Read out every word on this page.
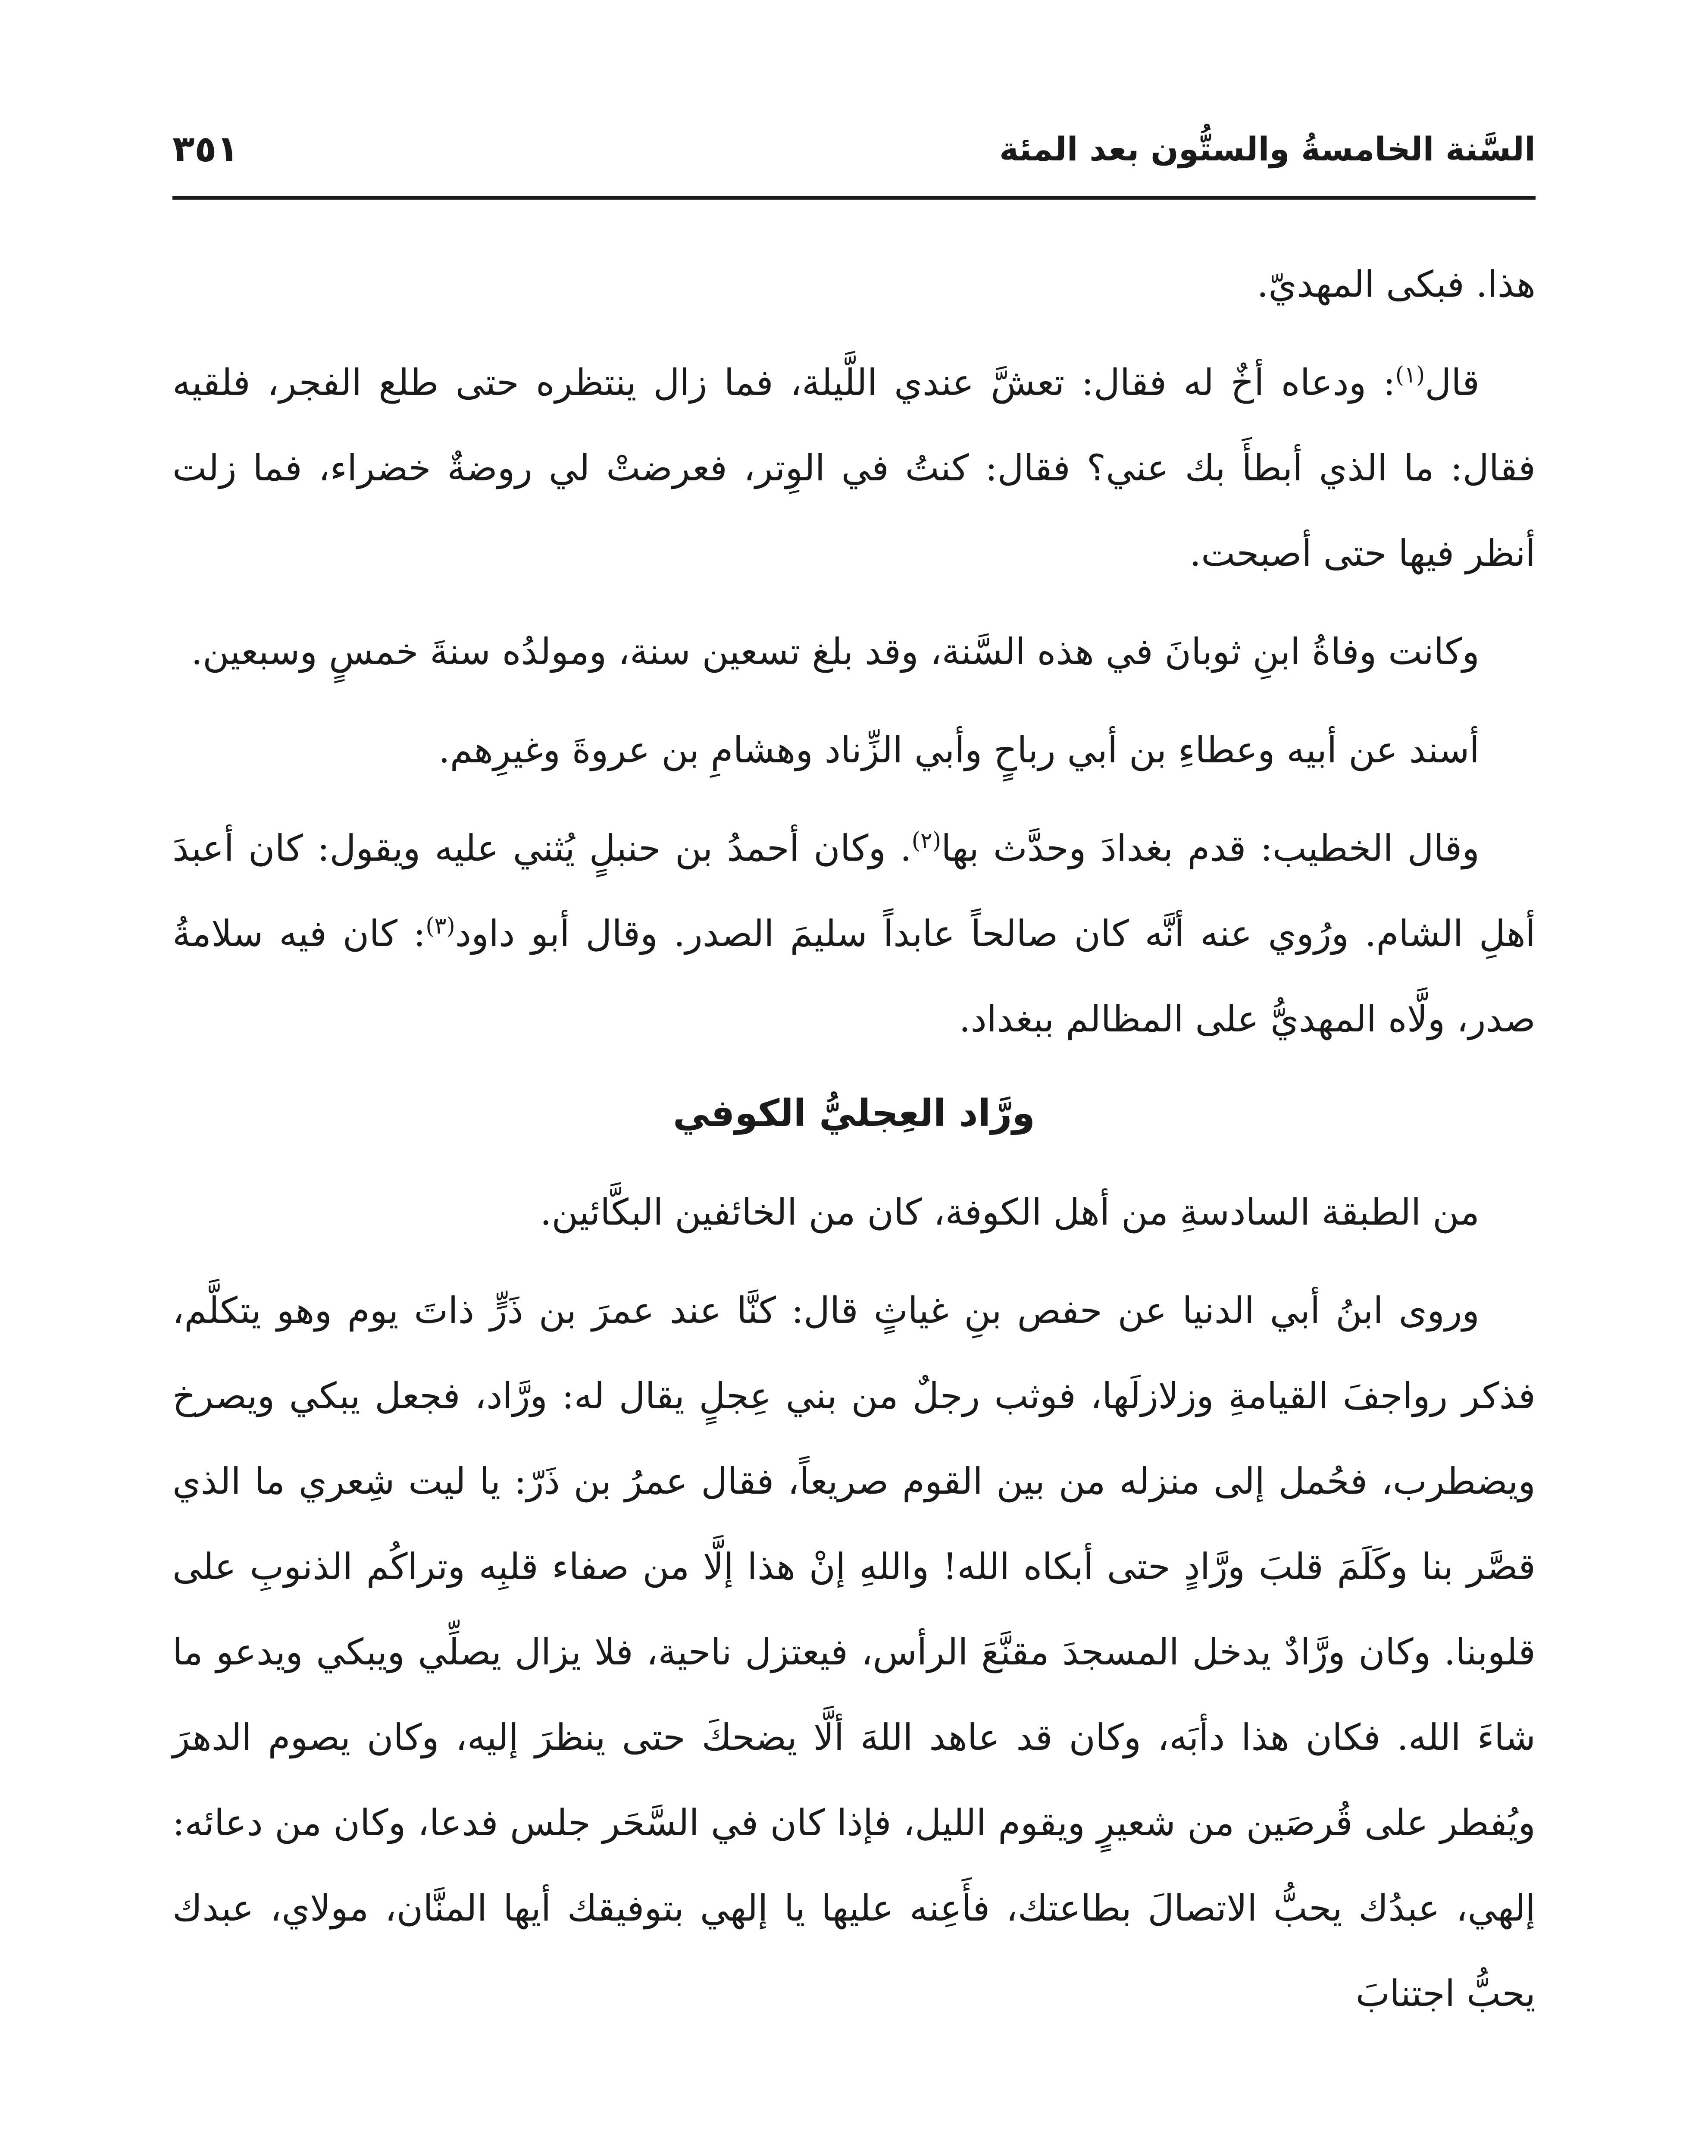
السَّنة الخامسةُ والستُّون بعد المئة
٣٥١

هذا. فبكى المهديّ.

قال$^{(١)}$: ودعاه أخٌ له فقال: تعشَّ عندي اللَّيلة، فما زال ينتظره حتى طلع الفجر، فلقيه فقال: ما الذي أبطأَ بك عني؟ فقال: كنتُ في الوِتر، فعرضتْ لي روضةٌ خضراء، فما زلت أنظر فيها حتى أصبحت.

وكانت وفاةُ ابنِ ثوبانَ في هذه السَّنة، وقد بلغ تسعين سنة، ومولدُه سنةَ خمسٍ وسبعين.

أسند عن أبيه وعطاءِ بن أبي رباحٍ وأبي الزِّناد وهشامِ بن عروةَ وغيرِهم.

وقال الخطيب: قدم بغدادَ وحدَّث بها$^{(٢)}$. وكان أحمدُ بن حنبلٍ يُثني عليه ويقول: كان أعبدَ أهلِ الشام. ورُوي عنه أنَّه كان صالحاً عابداً سليمَ الصدر. وقال أبو داود$^{(٣)}$: كان فيه سلامةُ صدر، ولَّاه المهديُّ على المظالم ببغداد.

ورَّاد العِجليُّ الكوفي

من الطبقة السادسةِ من أهل الكوفة، كان من الخائفين البكَّائين.

وروى ابنُ أبي الدنيا عن حفص بنِ غياثٍ قال: كنَّا عند عمرَ بن ذَرٍّ ذاتَ يوم وهو يتكلَّم، فذكر رواجفَ القيامةِ وزلازلَها، فوثب رجلٌ من بني عِجلٍ يقال له: ورَّاد، فجعل يبكي ويصرخ ويضطرب، فحُمل إلى منزله من بين القوم صريعاً، فقال عمرُ بن ذَرّ: يا ليت شِعري ما الذي قصَّر بنا وكَلَمَ قلبَ ورَّادٍ حتى أبكاه الله! واللهِ إنْ هذا إلَّا من صفاء قلبِه وتراكُم الذنوبِ على قلوبنا. وكان ورَّادٌ يدخل المسجدَ مقنَّعَ الرأس، فيعتزل ناحية، فلا يزال يصلِّي ويبكي ويدعو ما شاءَ الله. فكان هذا دأبَه، وكان قد عاهد اللهَ ألَّا يضحكَ حتى ينظرَ إليه، وكان يصوم الدهرَ ويُفطر على قُرصَين من شعيرٍ ويقوم الليل، فإذا كان في السَّحَر جلس فدعا، وكان من دعائه: إلهي، عبدُك يحبُّ الاتصالَ بطاعتك، فأَعِنه عليها يا إلهي بتوفيقك أيها المنَّان، مولاي، عبدك يحبُّ اجتنابَ
